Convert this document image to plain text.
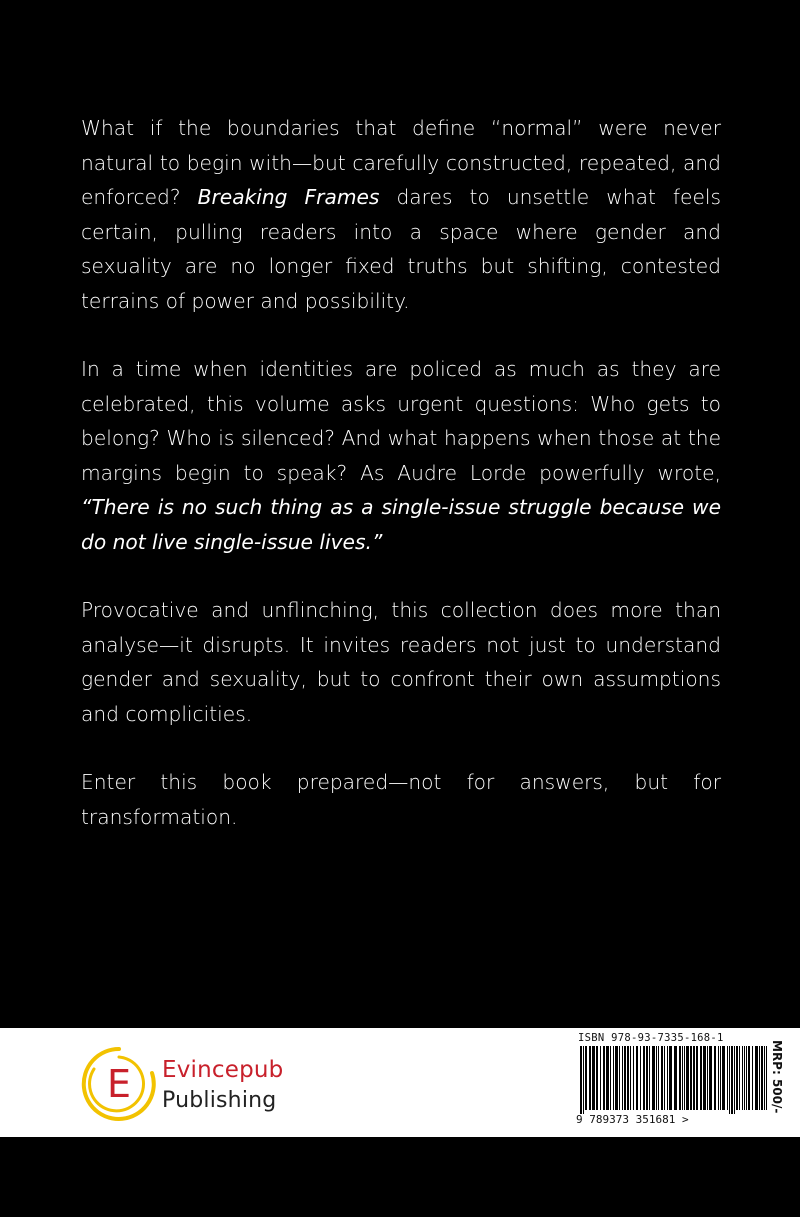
What if the boundaries that define “normal” were never natural to begin with—but carefully constructed, repeated, and enforced? Breaking Frames dares to unsettle what feels certain, pulling readers into a space where gender and sexuality are no longer fixed truths but shifting, contested terrains of power and possibility.

In a time when identities are policed as much as they are celebrated, this volume asks urgent questions: Who gets to belong? Who is silenced? And what happens when those at the margins begin to speak? As Audre Lorde powerfully wrote, “There is no such thing as a single-issue struggle because we do not live single-issue lives.”

Provocative and unflinching, this collection does more than analyse—it disrupts. It invites readers not just to understand gender and sexuality, but to confront their own assumptions and complicities.

Enter this book prepared—not for answers, but for transformation.

E Evincepub
Publishing
ISBN 978-93-7335-168-1
9 789373 351681 >
MRP: 500/-
